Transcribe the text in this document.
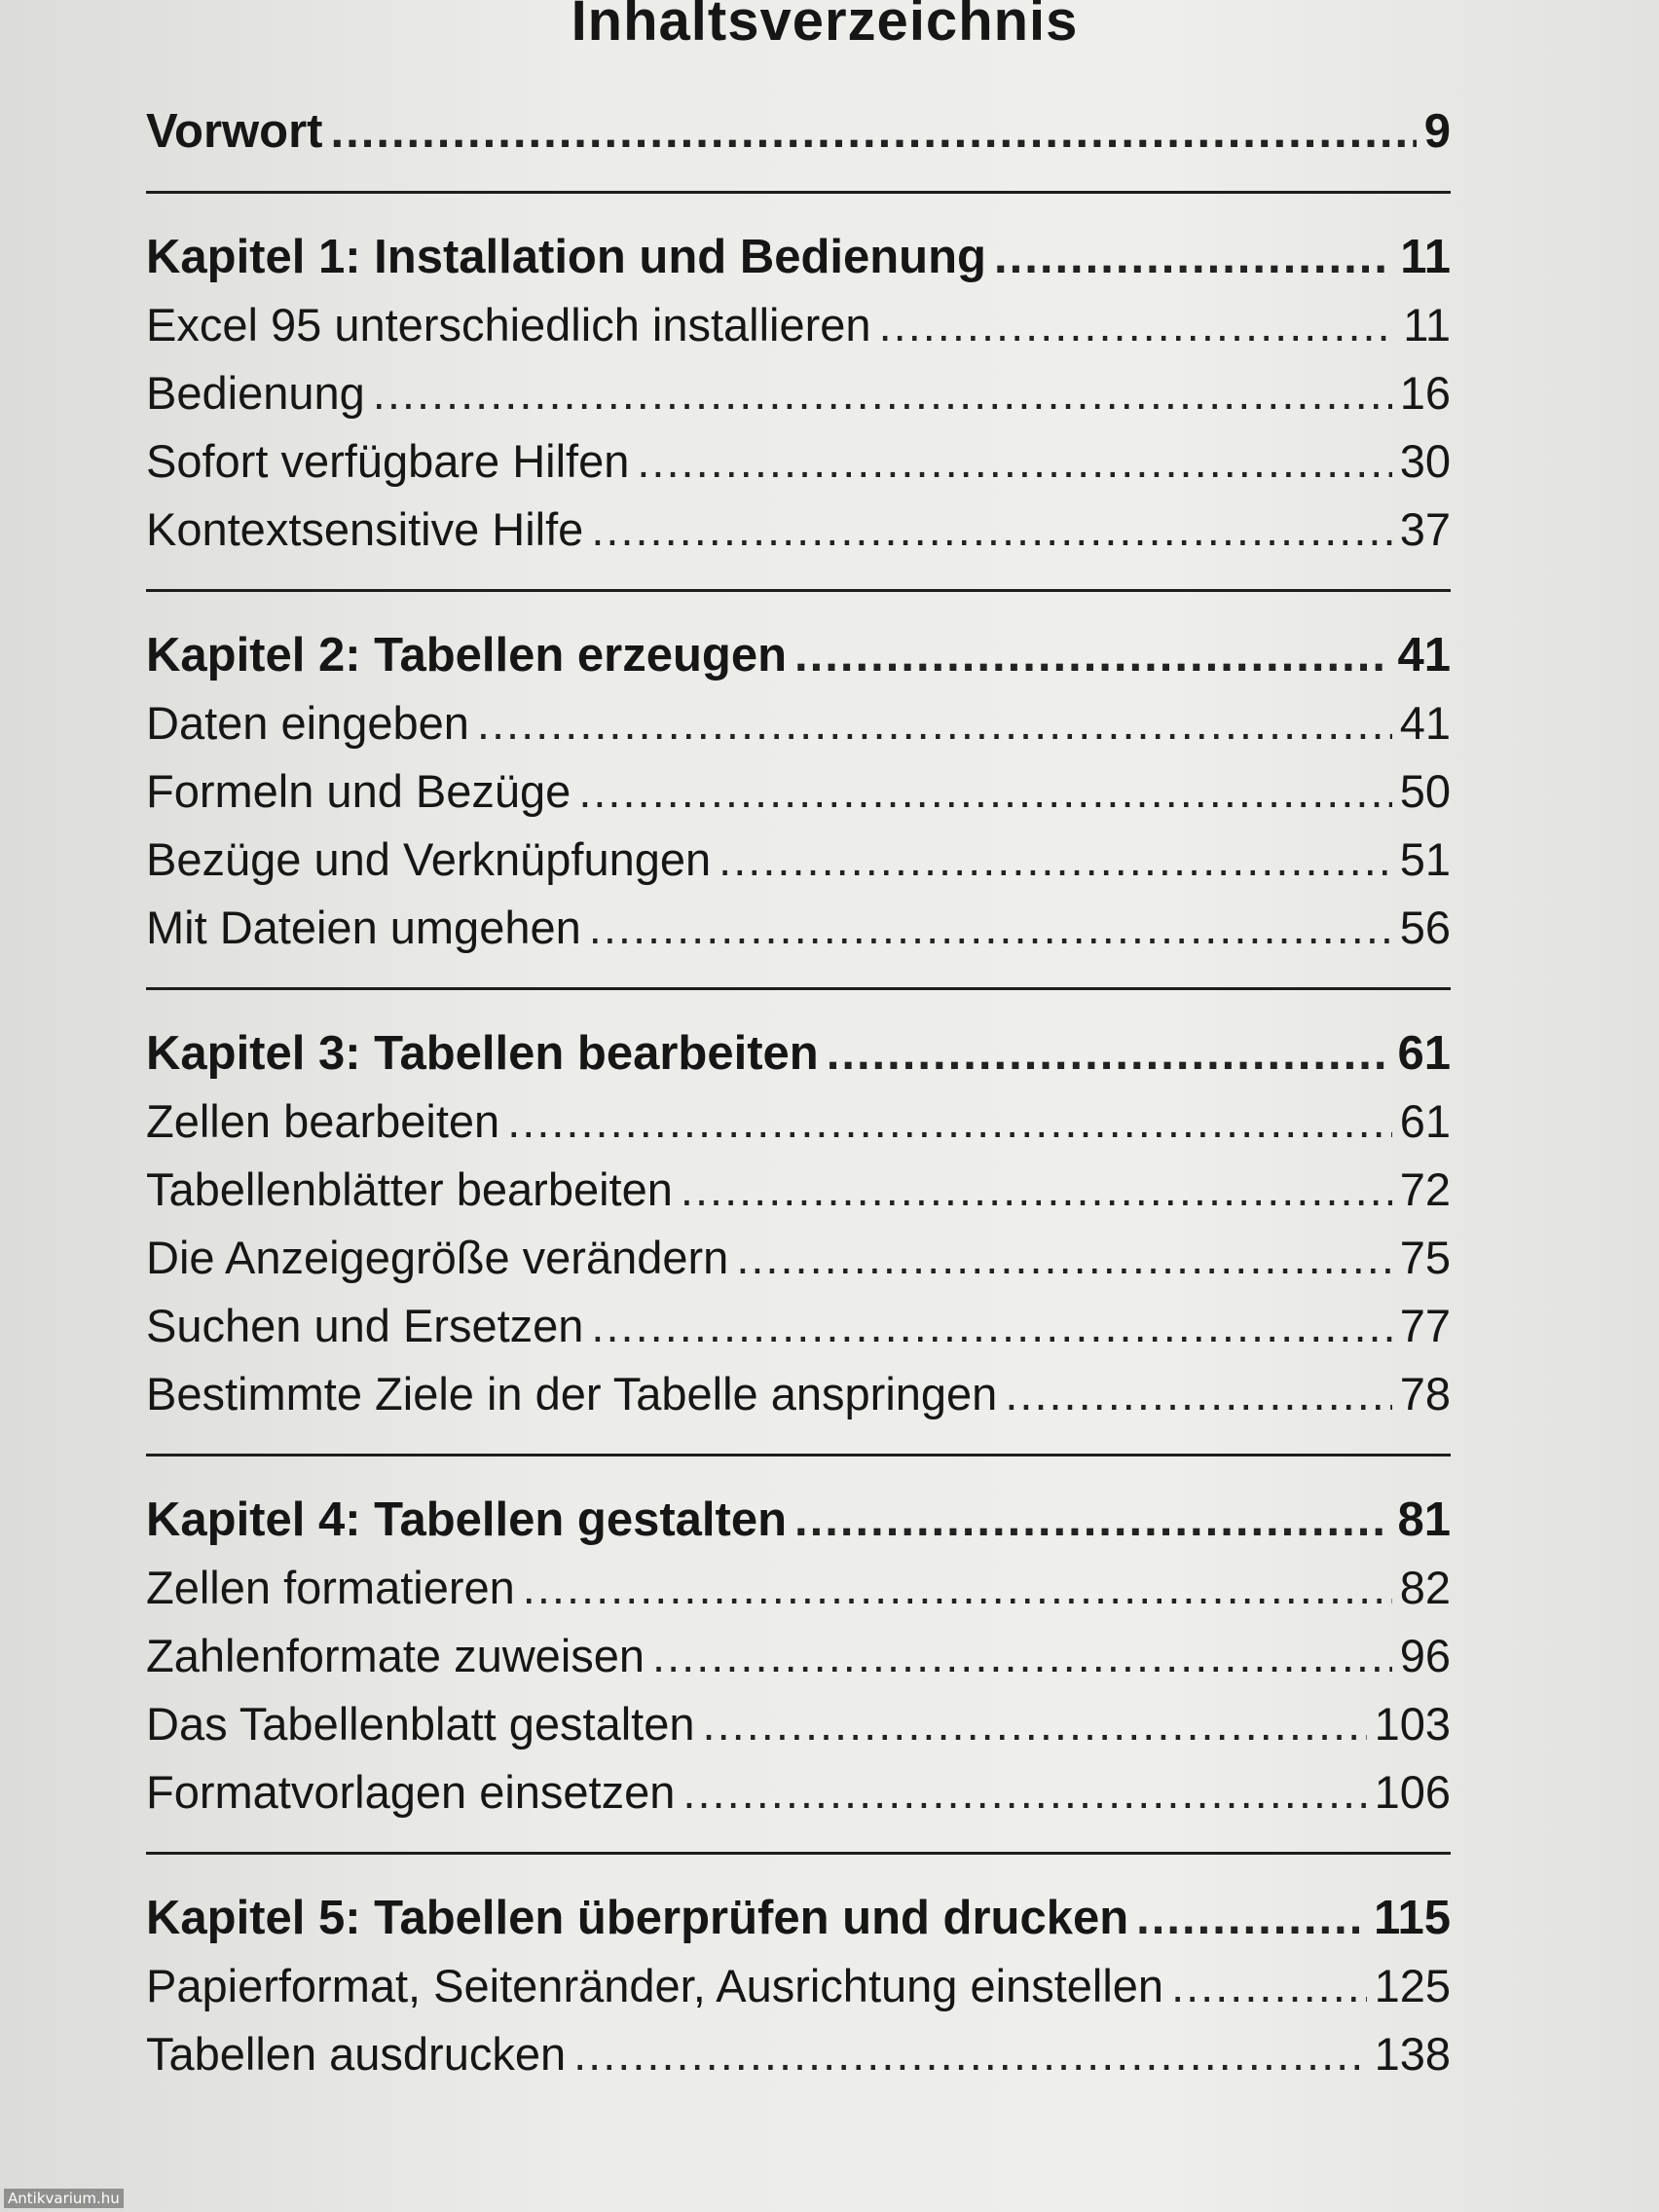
Inhaltsverzeichnis
Vorwort .....	9
Kapitel 1: Installation und Bedienung .....	11
Excel 95 unterschiedlich installieren .....	11
Bedienung .....	16
Sofort verfügbare Hilfen .....	30
Kontextsensitive Hilfe .....	37
Kapitel 2: Tabellen erzeugen .....	41
Daten eingeben .....	41
Formeln und Bezüge .....	50
Bezüge und Verknüpfungen .....	51
Mit Dateien umgehen .....	56
Kapitel 3: Tabellen bearbeiten .....	61
Zellen bearbeiten .....	61
Tabellenblätter bearbeiten .....	72
Die Anzeigegröße verändern .....	75
Suchen und Ersetzen .....	77
Bestimmte Ziele in der Tabelle anspringen .....	78
Kapitel 4: Tabellen gestalten .....	81
Zellen formatieren .....	82
Zahlenformate zuweisen .....	96
Das Tabellenblatt gestalten .....	103
Formatvorlagen einsetzen .....	106
Kapitel 5: Tabellen überprüfen und drucken .....	115
Papierformat, Seitenränder, Ausrichtung einstellen .....	125
Tabellen ausdrucken .....	138
Antikvarium.hu
